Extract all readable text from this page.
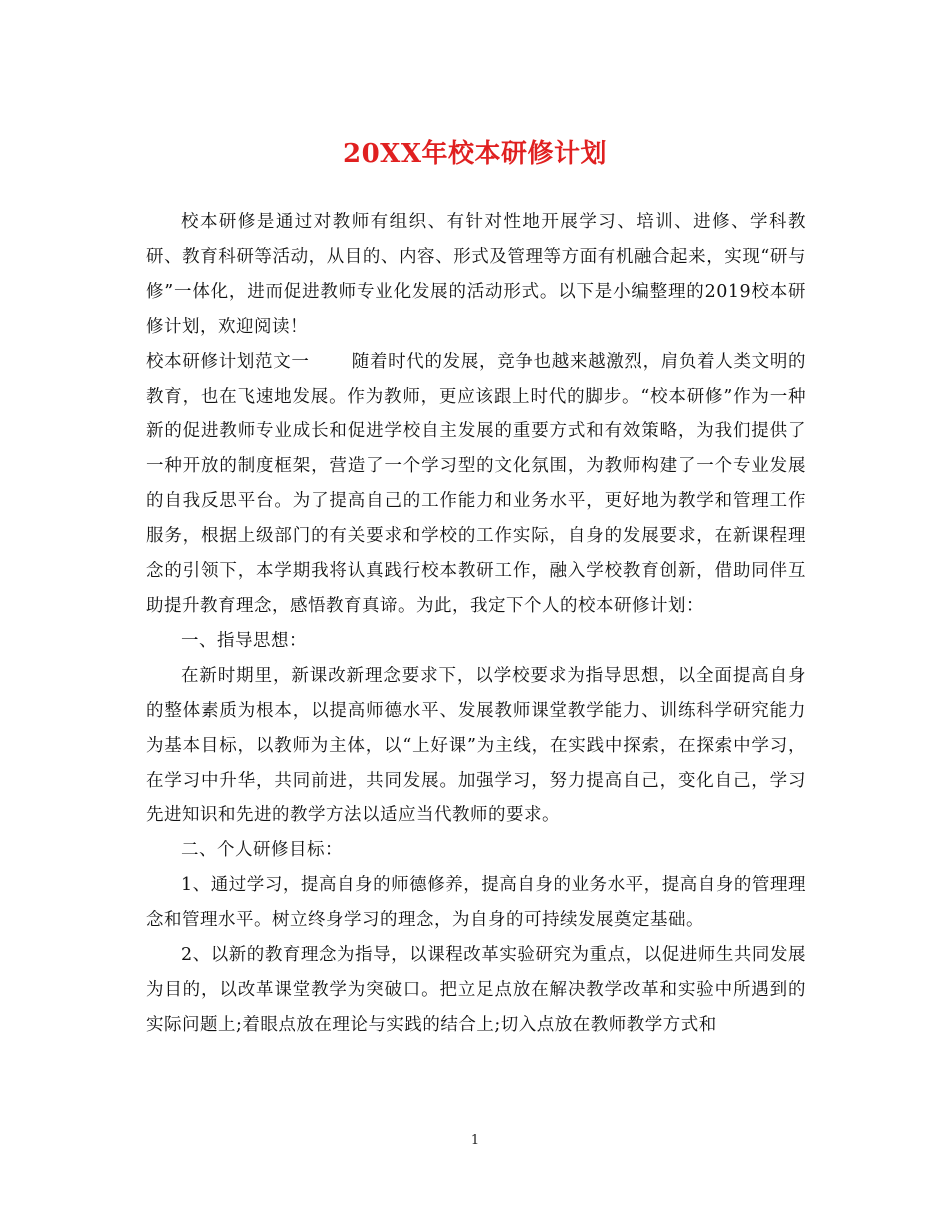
20XX年校本研修计划

校本研修是通过对教师有组织、有针对性地开展学习、培训、进修、学科教研、教育科研等活动，从目的、内容、形式及管理等方面有机融合起来，实现“研与修”一体化，进而促进教师专业化发展的活动形式。以下是小编整理的2019校本研修计划，欢迎阅读！

校本研修计划范文一 随着时代的发展，竞争也越来越激烈，肩负着人类文明的教育，也在飞速地发展。作为教师，更应该跟上时代的脚步。“校本研修”作为一种新的促进教师专业成长和促进学校自主发展的重要方式和有效策略，为我们提供了一种开放的制度框架，营造了一个学习型的文化氛围，为教师构建了一个专业发展的自我反思平台。为了提高自己的工作能力和业务水平，更好地为教学和管理工作服务，根据上级部门的有关要求和学校的工作实际，自身的发展要求，在新课程理念的引领下，本学期我将认真践行校本教研工作，融入学校教育创新，借助同伴互助提升教育理念，感悟教育真谛。为此，我定下个人的校本研修计划：

一、指导思想：

在新时期里，新课改新理念要求下，以学校要求为指导思想，以全面提高自身的整体素质为根本，以提高师德水平、发展教师课堂教学能力、训练科学研究能力为基本目标，以教师为主体，以“上好课”为主线，在实践中探索，在探索中学习，在学习中升华，共同前进，共同发展。加强学习，努力提高自己，变化自己，学习先进知识和先进的教学方法以适应当代教师的要求。

二、个人研修目标：

1、通过学习，提高自身的师德修养，提高自身的业务水平，提高自身的管理理念和管理水平。树立终身学习的理念，为自身的可持续发展奠定基础。

2、以新的教育理念为指导，以课程改革实验研究为重点，以促进师生共同发展为目的，以改革课堂教学为突破口。把立足点放在解决教学改革和实验中所遇到的实际问题上;着眼点放在理论与实践的结合上;切入点放在教师教学方式和

1
